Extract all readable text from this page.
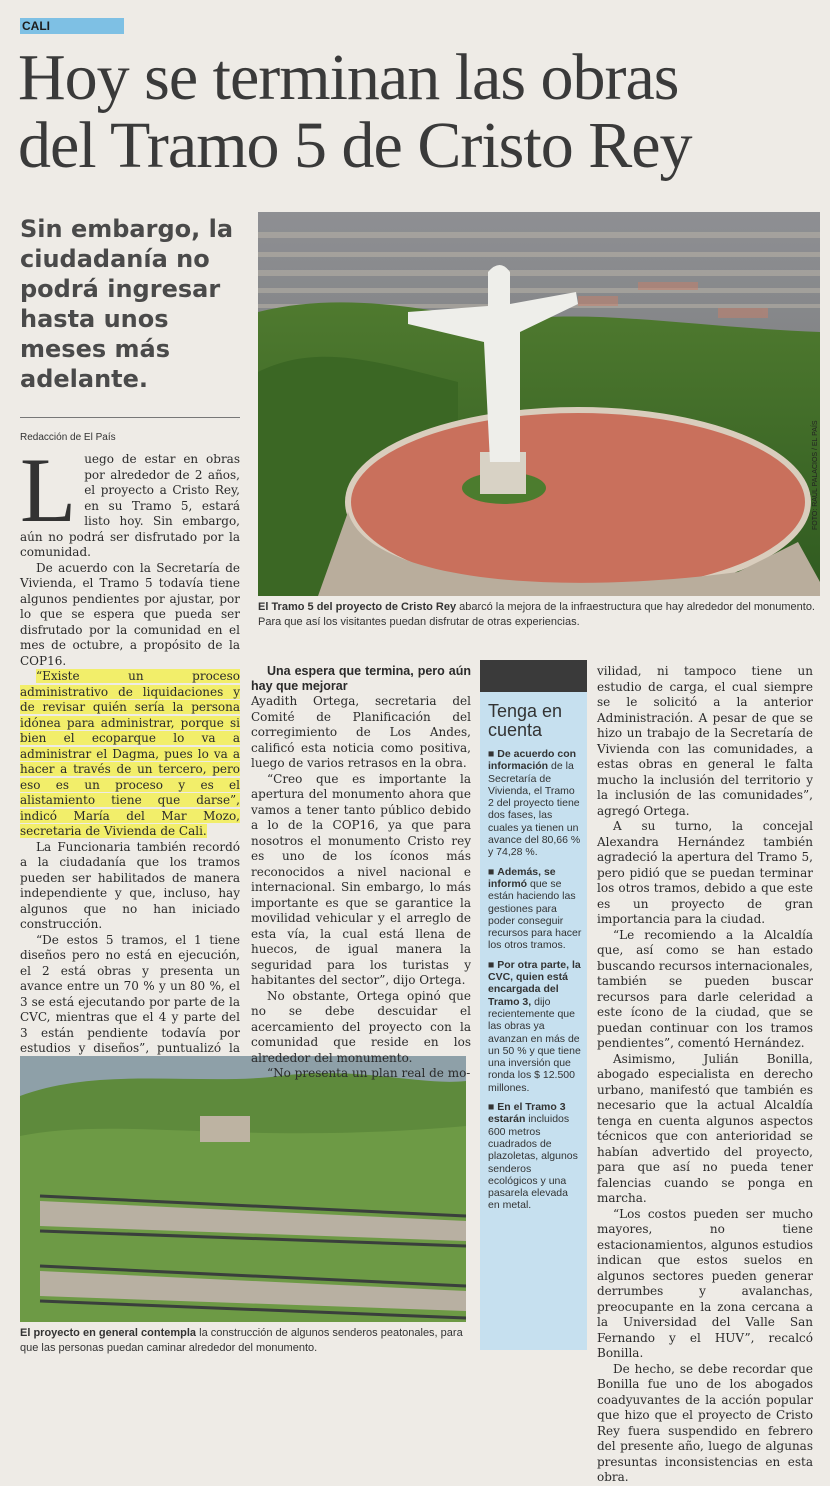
CALI
Hoy se terminan las obras
del Tramo 5 de Cristo Rey
Sin embargo, la ciudadanía no podrá ingresar hasta unos meses más adelante.
Redacción de El País	FOTO: RAÚL PALACIOS / EL PAÍS
El Tramo 5 del proyecto de Cristo Rey abarcó la mejora de la infraestructura que hay alrededor del monumento. Para que así los visitantes puedan disfrutar de otras experiencias.

Luego de estar en obras por alrededor de 2 años, el proyecto a Cristo Rey, en su Tramo 5, estará listo hoy. Sin embargo, aún no podrá ser disfrutado por la comunidad.

De acuerdo con la Secretaría de Vivienda, el Tramo 5 todavía tiene algunos pendientes por ajustar, por lo que se espera que pueda ser disfrutado por la comunidad en el mes de octubre, a propósito de la COP16.

“Existe un proceso administrativo de liquidaciones y de revisar quién sería la persona idónea para administrar, porque si bien el ecoparque lo va a administrar el Dagma, pues lo va a hacer a través de un tercero, pero eso es un proceso y es el alistamiento tiene que darse”, indicó María del Mar Mozo, secretaria de Vivienda de Cali.

La Funcionaria también recordó a la ciudadanía que los tramos pueden ser habilitados de manera independiente y que, incluso, hay algunos que no han iniciado construcción.

“De estos 5 tramos, el 1 tiene diseños pero no está en ejecución, el 2 está obras y presenta un avance entre un 70 % y un 80 %, el 3 se está ejecutando por parte de la CVC, mientras que el 4 y parte del 3 están pendiente todavía por estudios y diseños”, puntualizó la

El proyecto en general contempla la construcción de algunos senderos peatonales, para que las personas puedan caminar alrededor del monumento.

Una espera que termina, pero aún hay que mejorar

Ayadith Ortega, secretaria del Comité de Planificación del corregimiento de Los Andes, calificó esta noticia como positiva, luego de varios retrasos en la obra.

“Creo que es importante la apertura del monumento ahora que vamos a tener tanto público debido a lo de la COP16, ya que para nosotros el monumento Cristo rey es uno de los íconos más reconocidos a nivel nacional e internacional. Sin embargo, lo más importante es que se garantice la movilidad vehicular y el arreglo de esta vía, la cual está llena de huecos, de igual manera la seguridad para los turistas y habitantes del sector”, dijo Ortega.

No obstante, Ortega opinó que no se debe descuidar el acercamiento del proyecto con la comunidad que reside en los alrededor del monumento.

“No presenta un plan real de mo-

Tenga en cuenta
■ De acuerdo con información de la Secretaría de Vivienda, el Tramo 2 del proyecto tiene dos fases, las cuales ya tienen un avance del 80,66 % y 74,28 %.
■ Además, se informó que se están haciendo las gestiones para poder conseguir recursos para hacer los otros tramos.
■ Por otra parte, la CVC, quien está encargada del Tramo 3, dijo recientemente que las obras ya avanzan en más de un 50 % y que tiene una inversión que ronda los $ 12.500 millones.
■ En el Tramo 3 estarán incluidos 600 metros cuadrados de plazoletas, algunos senderos ecológicos y una pasarela elevada en metal.

vilidad, ni tampoco tiene un estudio de carga, el cual siempre se le solicitó a la anterior Administración. A pesar de que se hizo un trabajo de la Secretaría de Vivienda con las comunidades, a estas obras en general le falta mucho la inclusión del territorio y la inclusión de las comunidades”, agregó Ortega.

A su turno, la concejal Alexandra Hernández también agradeció la apertura del Tramo 5, pero pidió que se puedan terminar los otros tramos, debido a que este es un proyecto de gran importancia para la ciudad.

“Le recomiendo a la Alcaldía que, así como se han estado buscando recursos internacionales, también se pueden buscar recursos para darle celeridad a este ícono de la ciudad, que se puedan continuar con los tramos pendientes”, comentó Hernández.

Asimismo, Julián Bonilla, abogado especialista en derecho urbano, manifestó que también es necesario que la actual Alcaldía tenga en cuenta algunos aspectos técnicos que con anterioridad se habían advertido del proyecto, para que así no pueda tener falencias cuando se ponga en marcha.

“Los costos pueden ser mucho mayores, no tiene estacionamientos, algunos estudios indican que estos suelos en algunos sectores pueden generar derrumbes y avalanchas, preocupante en la zona cercana a la Universidad del Valle San Fernando y el HUV”, recalcó Bonilla.

De hecho, se debe recordar que Bonilla fue uno de los abogados coadyuvantes de la acción popular que hizo que el proyecto de Cristo Rey fuera suspendido en febrero del presente año, luego de algunas presuntas inconsistencias en esta obra.
